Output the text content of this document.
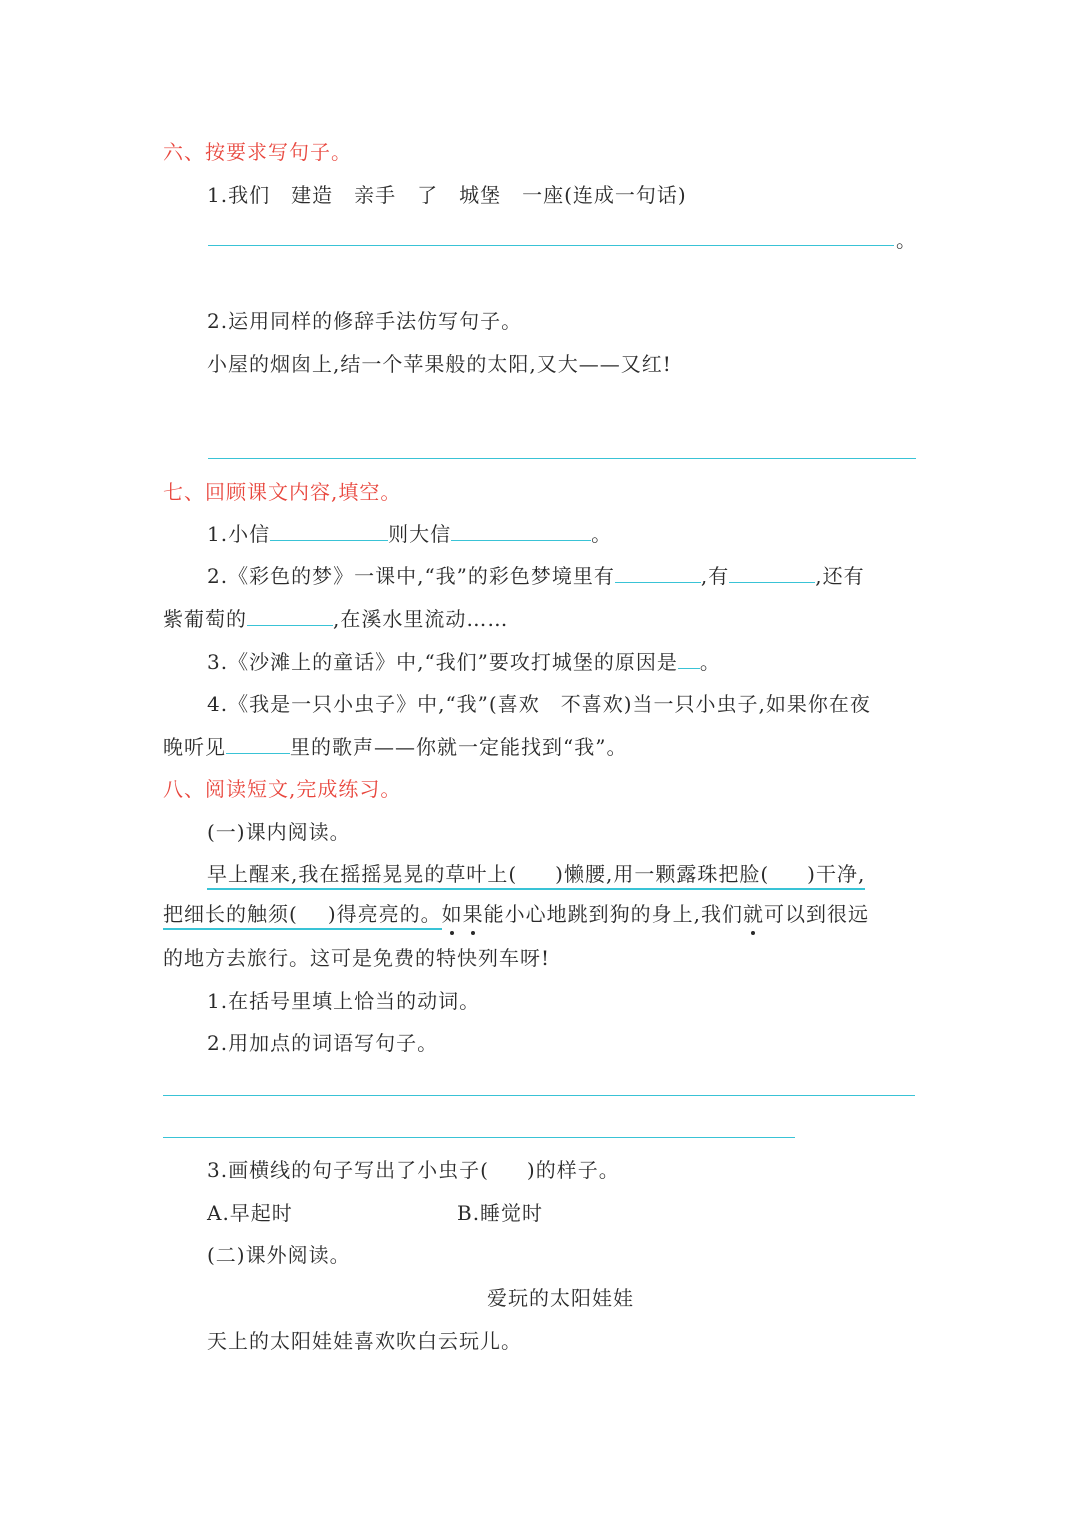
六、按要求写句子。
1.我们　建造　亲手　了　城堡　一座(连成一句话)
。
2.运用同样的修辞手法仿写句子。
小屋的烟囱上,结一个苹果般的太阳,又大——又红!
七、回顾课文内容,填空。
1.小信	则大信	。
2.《彩色的梦》一课中,“我”的彩色梦境里有	,有	,还有
紫葡萄的	,在溪水里流动……
3.《沙滩上的童话》中,“我们”要攻打城堡的原因是 。
4.《我是一只小虫子》中,“我”(喜欢　不喜欢)当一只小虫子,如果你在夜
晚听见	里的歌声——你就一定能找到“我”。
八、阅读短文,完成练习。
(一)课内阅读。
早上醒来,我在摇摇晃晃的草叶上( )懒腰,用一颗露珠把脸( )干净,
把细长的触须( )得亮亮的。如果能小心地跳到狗的身上,我们就可以到很远
的地方去旅行。这可是免费的特快列车呀!
1.在括号里填上恰当的动词。
2.用加点的词语写句子。
3.画横线的句子写出了小虫子( )的样子。
A.早起时	B.睡觉时
(二)课外阅读。
爱玩的太阳娃娃
天上的太阳娃娃喜欢吹白云玩儿。
